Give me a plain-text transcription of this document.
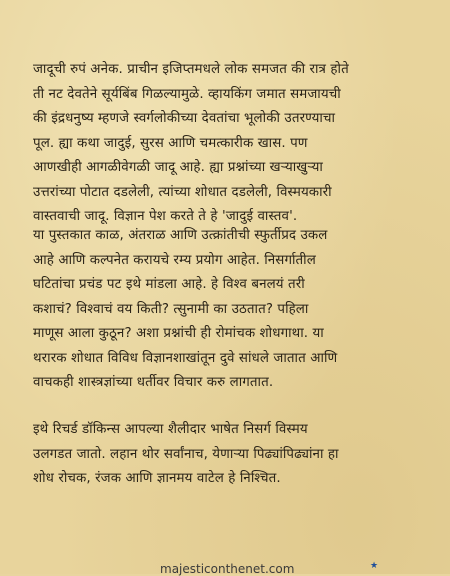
जादूची रुपं अनेक. प्राचीन इजिप्तमधले लोक समजत की रात्र होते
ती नट देवतेने सूर्यबिंब गिळल्यामुळे. व्हायकिंग जमात समजायची
की इंद्रधनुष्य म्हणजे स्वर्गलोकीच्या देवतांचा भूलोकी उतरण्याचा
पूल. ह्या कथा जादुई, सुरस आणि चमत्कारीक खास. पण
आणखीही आगळीवेगळी जादू आहे. ह्या प्रश्नांच्या खऱ्याखुऱ्या
उत्तरांच्या पोटात दडलेली, त्यांच्या शोधात दडलेली, विस्मयकारी
वास्तवाची जादू. विज्ञान पेश करते ते हे 'जादुई वास्तव'.
या पुस्तकात काळ, अंतराळ आणि उत्क्रांतीची स्फुर्तीप्रद उकल
आहे आणि कल्पनेत करायचे रम्य प्रयोग आहेत. निसर्गातील
घटितांचा प्रचंड पट इथे मांडला आहे. हे विश्व बनलयं तरी
कशाचं? विश्वाचं वय किती? त्सुनामी का उठतात? पहिला
माणूस आला कुठून? अशा प्रश्नांची ही रोमांचक शोधगाथा. या
थरारक शोधात विविध विज्ञानशाखांतून दुवे सांधले जातात आणि
वाचकही शास्त्रज्ञांच्या धर्तीवर विचार करु लागतात.
इथे रिचर्ड डॉकिन्स आपल्या शैलीदार भाषेत निसर्ग विस्मय
उलगडत जातो. लहान थोर सर्वांनाच, येणाऱ्या पिढ्यांपिढ्यांना हा
शोध रोचक, रंजक आणि ज्ञानमय वाटेल हे निश्चित.
majesticonthenet.com	★
